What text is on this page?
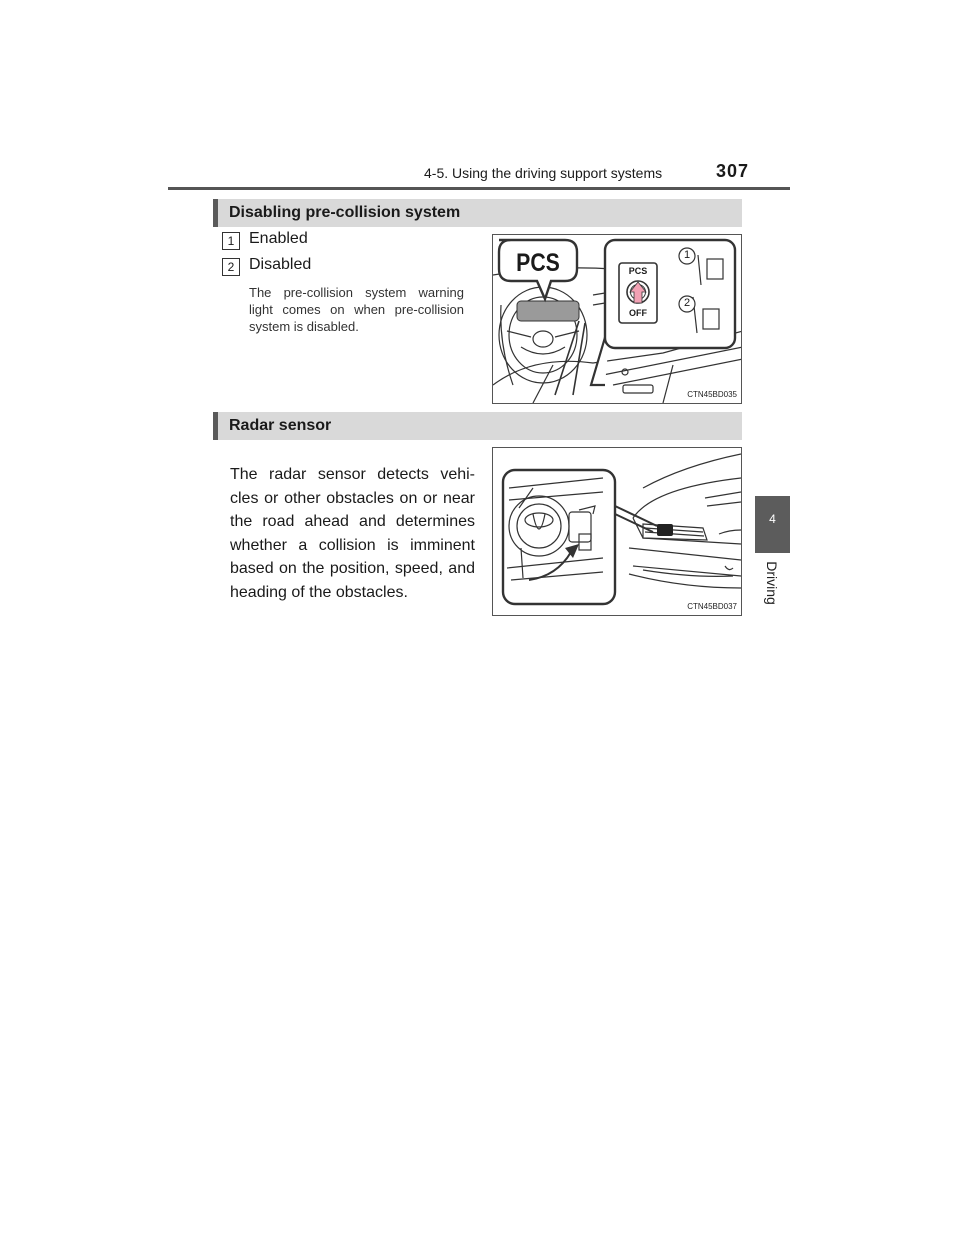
4-5. Using the driving support systems	307
4
Driving
Disabling pre-collision system
1 Enabled
2 Disabled
The pre-collision system warning light comes on when pre-collision system is disabled.
PCS	PCS
OFF
1
2
CTN45BD035
Radar sensor
The radar sensor detects vehi-cles or other obstacles on or near the road ahead and determines whether a collision is imminent based on the position, speed, and heading of the obstacles.
CTN45BD037
